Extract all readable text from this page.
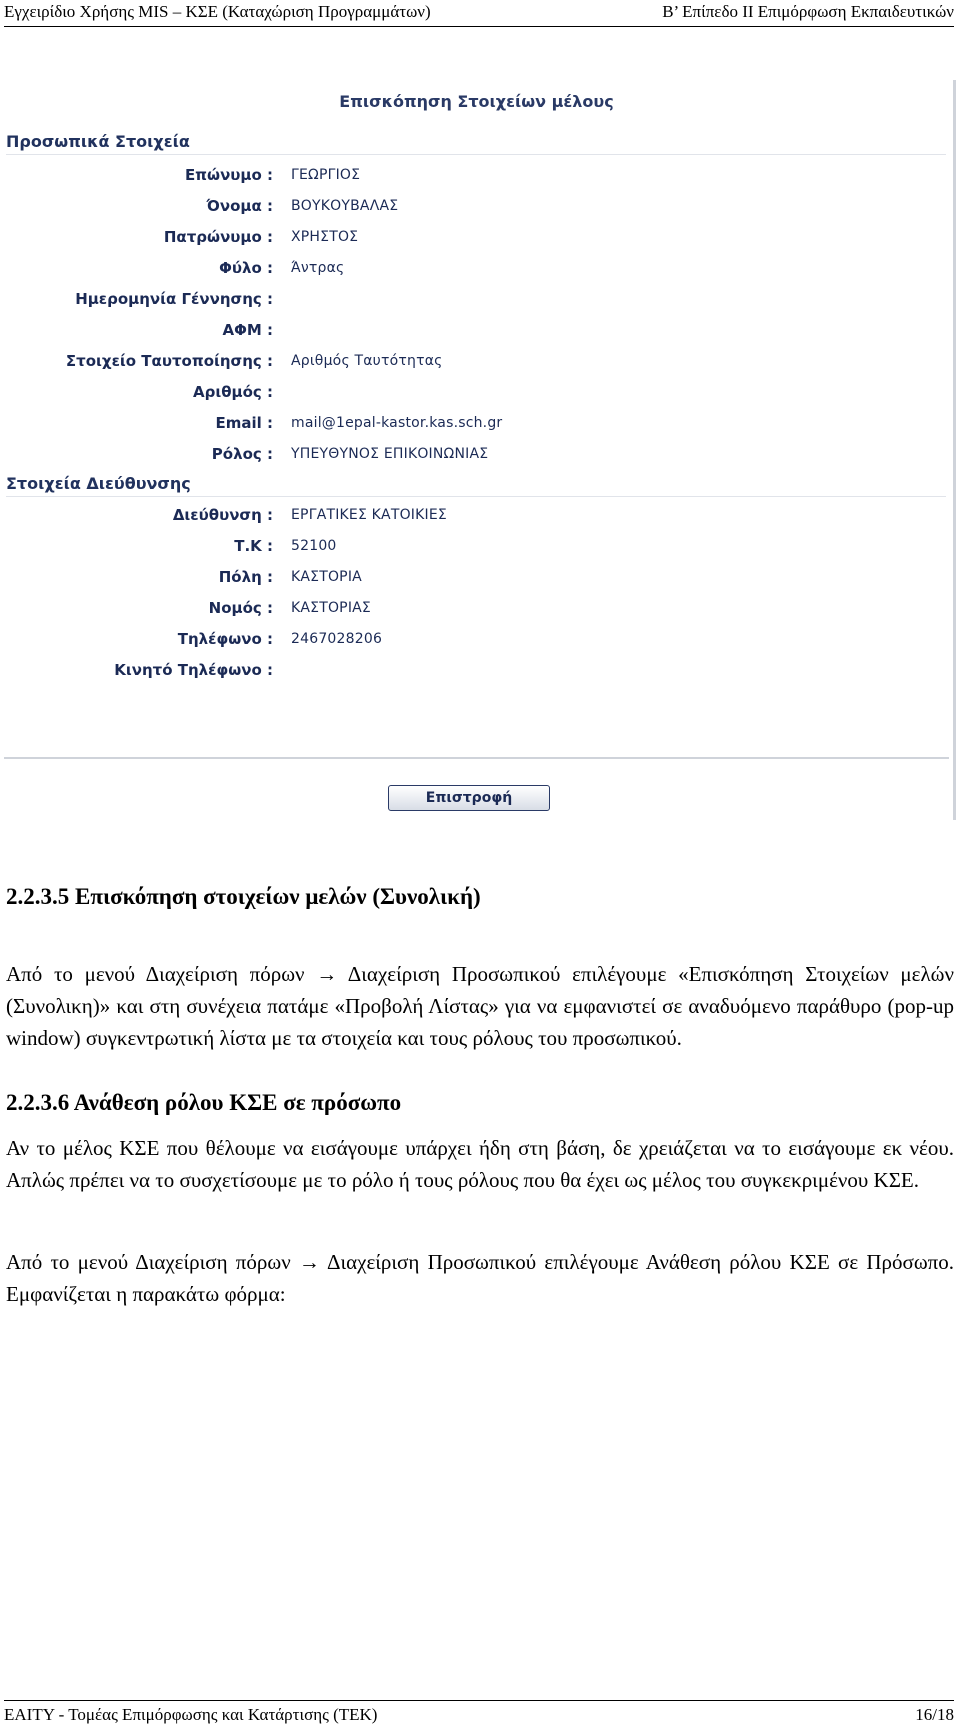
Εγχειρίδιο Χρήσης MIS – ΚΣΕ (Καταχώριση Προγραμμάτων)	Β’ Επίπεδο ΙΙ Επιμόρφωση Εκπαιδευτικών
Επισκόπηση Στοιχείων μέλους
Προσωπικά Στοιχεία
Επώνυμο :	ΓΕΩΡΓΙΟΣ
Όνομα :	ΒΟΥΚΟΥΒΑΛΑΣ
Πατρώνυμο :	ΧΡΗΣΤΟΣ
Φύλο :	Άντρας
Ημερομηνία Γέννησης :
ΑΦΜ :
Στοιχείο Ταυτοποίησης :	Αριθμός Ταυτότητας
Αριθμός :
Email :	mail@1epal-kastor.kas.sch.gr
Ρόλος :	ΥΠΕΥΘΥΝΟΣ ΕΠΙΚΟΙΝΩΝΙΑΣ
Στοιχεία Διεύθυνσης
Διεύθυνση :	ΕΡΓΑΤΙΚΕΣ ΚΑΤΟΙΚΙΕΣ
Τ.Κ :	52100
Πόλη :	ΚΑΣΤΟΡΙΑ
Νομός :	ΚΑΣΤΟΡΙΑΣ
Τηλέφωνο :	2467028206
Κινητό Τηλέφωνο :
Επιστροφή
2.2.3.5 Επισκόπηση στοιχείων μελών (Συνολική)

Από το μενού Διαχείριση πόρων → Διαχείριση Προσωπικού επιλέγουμε «Επισκόπηση Στοιχείων μελών (Συνολικη)» και στη συνέχεια πατάμε «Προβολή Λίστας» για να εμφανιστεί σε αναδυόμενο παράθυρο (pop-up window) συγκεντρωτική λίστα με τα στοιχεία και τους ρόλους του προσωπικού.

2.2.3.6 Ανάθεση ρόλου ΚΣΕ σε πρόσωπο

Αν το μέλος ΚΣΕ που θέλουμε να εισάγουμε υπάρχει ήδη στη βάση, δε χρειάζεται να το εισάγουμε εκ νέου. Απλώς πρέπει να το συσχετίσουμε με το ρόλο ή τους ρόλους που θα έχει ως μέλος του συγκεκριμένου ΚΣΕ.

Από το μενού Διαχείριση πόρων → Διαχείριση Προσωπικού επιλέγουμε Ανάθεση ρόλου ΚΣΕ σε Πρόσωπο. Εμφανίζεται η παρακάτω φόρμα:

ΕΑΙΤΥ - Τομέας Επιμόρφωσης και Κατάρτισης (ΤΕΚ)	16/18
